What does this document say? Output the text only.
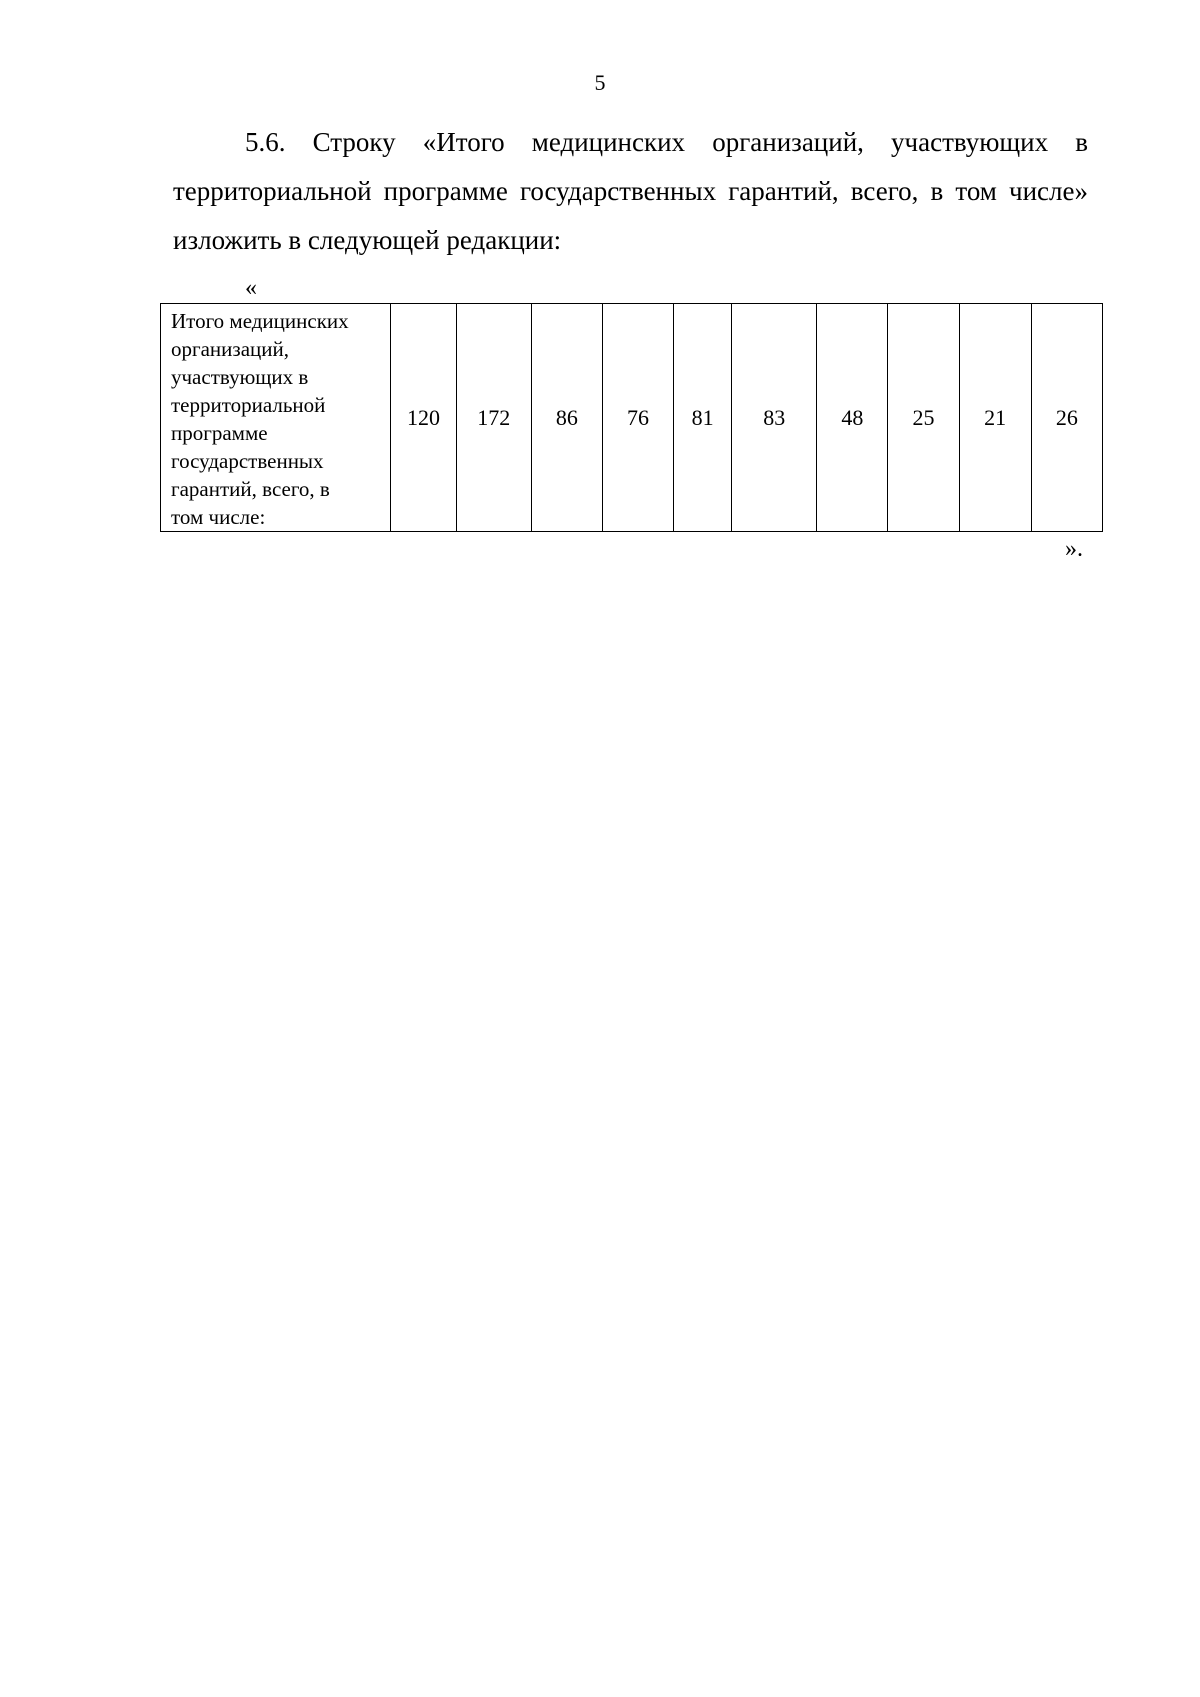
5
5.6. Строку «Итого медицинских организаций, участвующих в территориальной программе государственных гарантий, всего, в том числе» изложить в следующей редакции:
«
Итого медицинских
организаций,
участвующих в
территориальной
программе
государственных
гарантий, всего, в
том числе:	120	172	86	76	81	83	48	25	21	26
».
